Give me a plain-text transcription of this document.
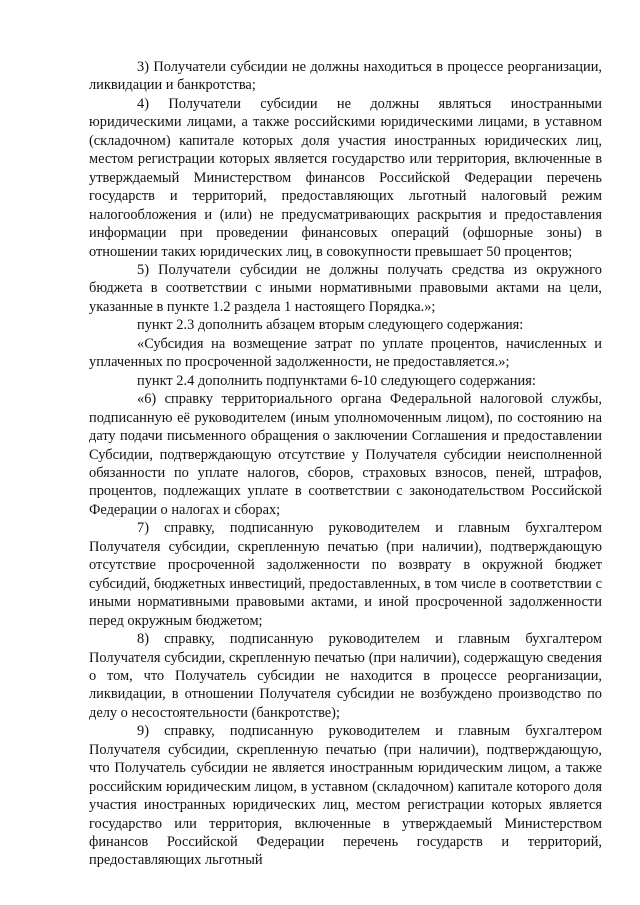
3) Получатели субсидии не должны находиться в процессе реорганизации, ликвидации и банкротства;

4) Получатели субсидии не должны являться иностранными юридическими лицами, а также российскими юридическими лицами, в уставном (складочном) капитале которых доля участия иностранных юридических лиц, местом регистрации которых является государство или территория, включенные в утверждаемый Министерством финансов Российской Федерации перечень государств и территорий, предоставляющих льготный налоговый режим налогообложения и (или) не предусматривающих раскрытия и предоставления информации при проведении финансовых операций (офшорные зоны) в отношении таких юридических лиц, в совокупности превышает 50 процентов;

5) Получатели субсидии не должны получать средства из окружного бюджета в соответствии с иными нормативными правовыми актами на цели, указанные в пункте 1.2 раздела 1 настоящего Порядка.»;

пункт 2.3 дополнить абзацем вторым следующего содержания:

«Субсидия на возмещение затрат по уплате процентов, начисленных и уплаченных по просроченной задолженности, не предоставляется.»;

пункт 2.4 дополнить подпунктами 6-10 следующего содержания:

«6) справку территориального органа Федеральной налоговой службы, подписанную её руководителем (иным уполномоченным лицом), по состоянию на дату подачи письменного обращения о заключении Соглашения и предоставлении Субсидии, подтверждающую отсутствие у Получателя субсидии неисполненной обязанности по уплате налогов, сборов, страховых взносов, пеней, штрафов, процентов, подлежащих уплате в соответствии с законодательством Российской Федерации о налогах и сборах;

7) справку, подписанную руководителем и главным бухгалтером Получателя субсидии, скрепленную печатью (при наличии), подтверждающую отсутствие просроченной задолженности по возврату в окружной бюджет субсидий, бюджетных инвестиций, предоставленных, в том числе в соответствии с иными нормативными правовыми актами, и иной просроченной задолженности перед окружным бюджетом;

8) справку, подписанную руководителем и главным бухгалтером Получателя субсидии, скрепленную печатью (при наличии), содержащую сведения о том, что Получатель субсидии не находится в процессе реорганизации, ликвидации, в отношении Получателя субсидии не возбуждено производство по делу о несостоятельности (банкротстве);

9) справку, подписанную руководителем и главным бухгалтером Получателя субсидии, скрепленную печатью (при наличии), подтверждающую, что Получатель субсидии не является иностранным юридическим лицом, а также российским юридическим лицом, в уставном (складочном) капитале которого доля участия иностранных юридических лиц, местом регистрации которых является государство или территория, включенные в утверждаемый Министерством финансов Российской Федерации перечень государств и территорий, предоставляющих льготный
